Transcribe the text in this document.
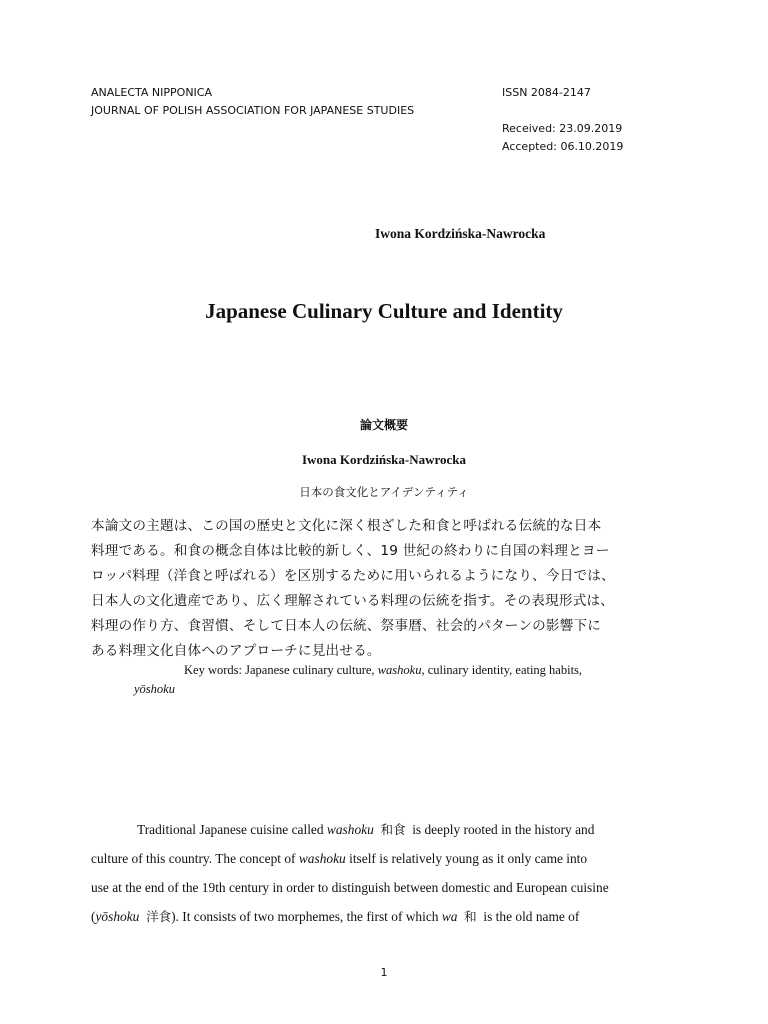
ANALECTA NIPPONICA
JOURNAL OF POLISH ASSOCIATION FOR JAPANESE STUDIES
ISSN 2084-2147
Received: 23.09.2019
Accepted: 06.10.2019
Iwona Kordzińska-Nawrocka
Japanese Culinary Culture and Identity
論文概要
Iwona Kordzińska-Nawrocka
日本の食文化とアイデンティティ

本論文の主題は、この国の歴史と文化に深く根ざした和食と呼ばれる伝統的な日本
料理である。和食の概念自体は比較的新しく、19 世紀の終わりに自国の料理とヨー
ロッパ料理（洋食と呼ばれる）を区別するために用いられるようになり、今日では、
日本人の文化遺産であり、広く理解されている料理の伝統を指す。その表現形式は、
料理の作り方、食習慣、そして日本人の伝統、祭事暦、社会的パターンの影響下に
ある料理文化自体へのアプローチに見出せる。

Key words: Japanese culinary culture, washoku, culinary identity, eating habits,
yōshoku

Traditional Japanese cuisine called washoku 和食  is deeply rooted in the history and
culture of this country. The concept of washoku itself is relatively young as it only came into
use at the end of the 19th century in order to distinguish between domestic and European cuisine
(yōshoku 洋食). It consists of two morphemes, the first of which wa 和  is the old name of

1
